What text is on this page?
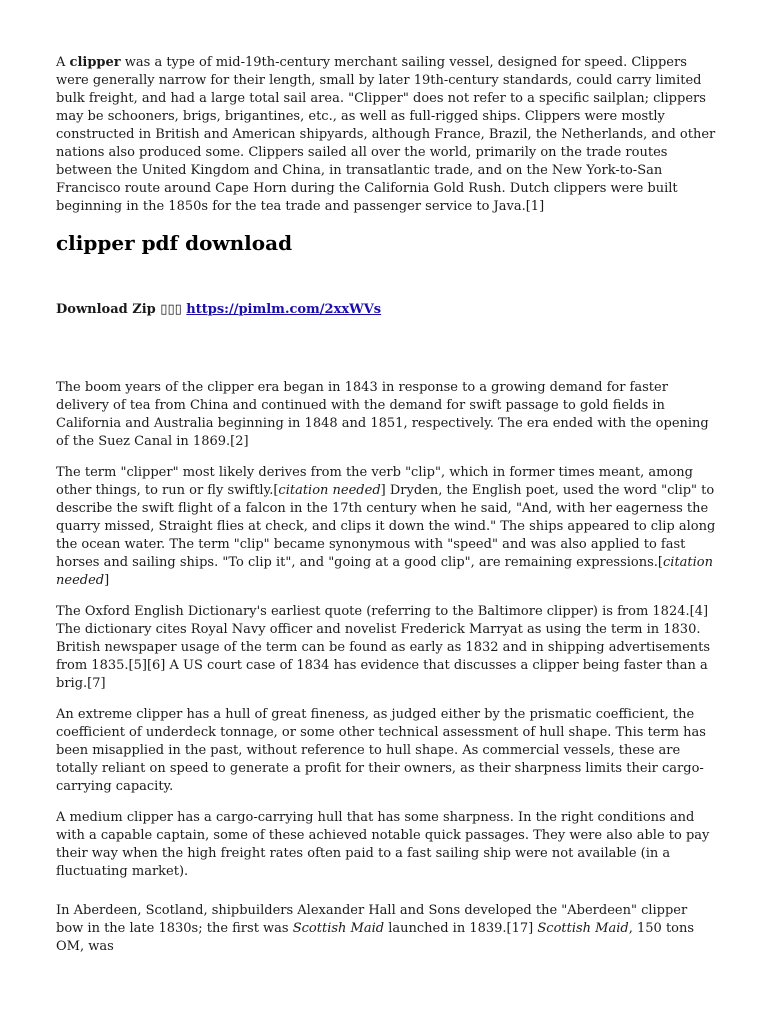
A clipper was a type of mid-19th-century merchant sailing vessel, designed for speed. Clippers were generally narrow for their length, small by later 19th-century standards, could carry limited bulk freight, and had a large total sail area. "Clipper" does not refer to a specific sailplan; clippers may be schooners, brigs, brigantines, etc., as well as full-rigged ships. Clippers were mostly constructed in British and American shipyards, although France, Brazil, the Netherlands, and other nations also produced some. Clippers sailed all over the world, primarily on the trade routes between the United Kingdom and China, in transatlantic trade, and on the New York-to-San Francisco route around Cape Horn during the California Gold Rush. Dutch clippers were built beginning in the 1850s for the tea trade and passenger service to Java.[1]

clipper pdf download
Download Zip ▯▯▯ https://pimlm.com/2xxWVs

The boom years of the clipper era began in 1843 in response to a growing demand for faster delivery of tea from China and continued with the demand for swift passage to gold fields in California and Australia beginning in 1848 and 1851, respectively. The era ended with the opening of the Suez Canal in 1869.[2]

The term "clipper" most likely derives from the verb "clip", which in former times meant, among other things, to run or fly swiftly.[citation needed] Dryden, the English poet, used the word "clip" to describe the swift flight of a falcon in the 17th century when he said, "And, with her eagerness the quarry missed, Straight flies at check, and clips it down the wind." The ships appeared to clip along the ocean water. The term "clip" became synonymous with "speed" and was also applied to fast horses and sailing ships. "To clip it", and "going at a good clip", are remaining expressions.[citation needed]

The Oxford English Dictionary's earliest quote (referring to the Baltimore clipper) is from 1824.[4] The dictionary cites Royal Navy officer and novelist Frederick Marryat as using the term in 1830. British newspaper usage of the term can be found as early as 1832 and in shipping advertisements from 1835.[5][6] A US court case of 1834 has evidence that discusses a clipper being faster than a brig.[7]

An extreme clipper has a hull of great fineness, as judged either by the prismatic coefficient, the coefficient of underdeck tonnage, or some other technical assessment of hull shape. This term has been misapplied in the past, without reference to hull shape. As commercial vessels, these are totally reliant on speed to generate a profit for their owners, as their sharpness limits their cargo-carrying capacity.

A medium clipper has a cargo-carrying hull that has some sharpness. In the right conditions and with a capable captain, some of these achieved notable quick passages. They were also able to pay their way when the high freight rates often paid to a fast sailing ship were not available (in a fluctuating market).

In Aberdeen, Scotland, shipbuilders Alexander Hall and Sons developed the "Aberdeen" clipper bow in the late 1830s; the first was Scottish Maid launched in 1839.[17] Scottish Maid, 150 tons OM, was
